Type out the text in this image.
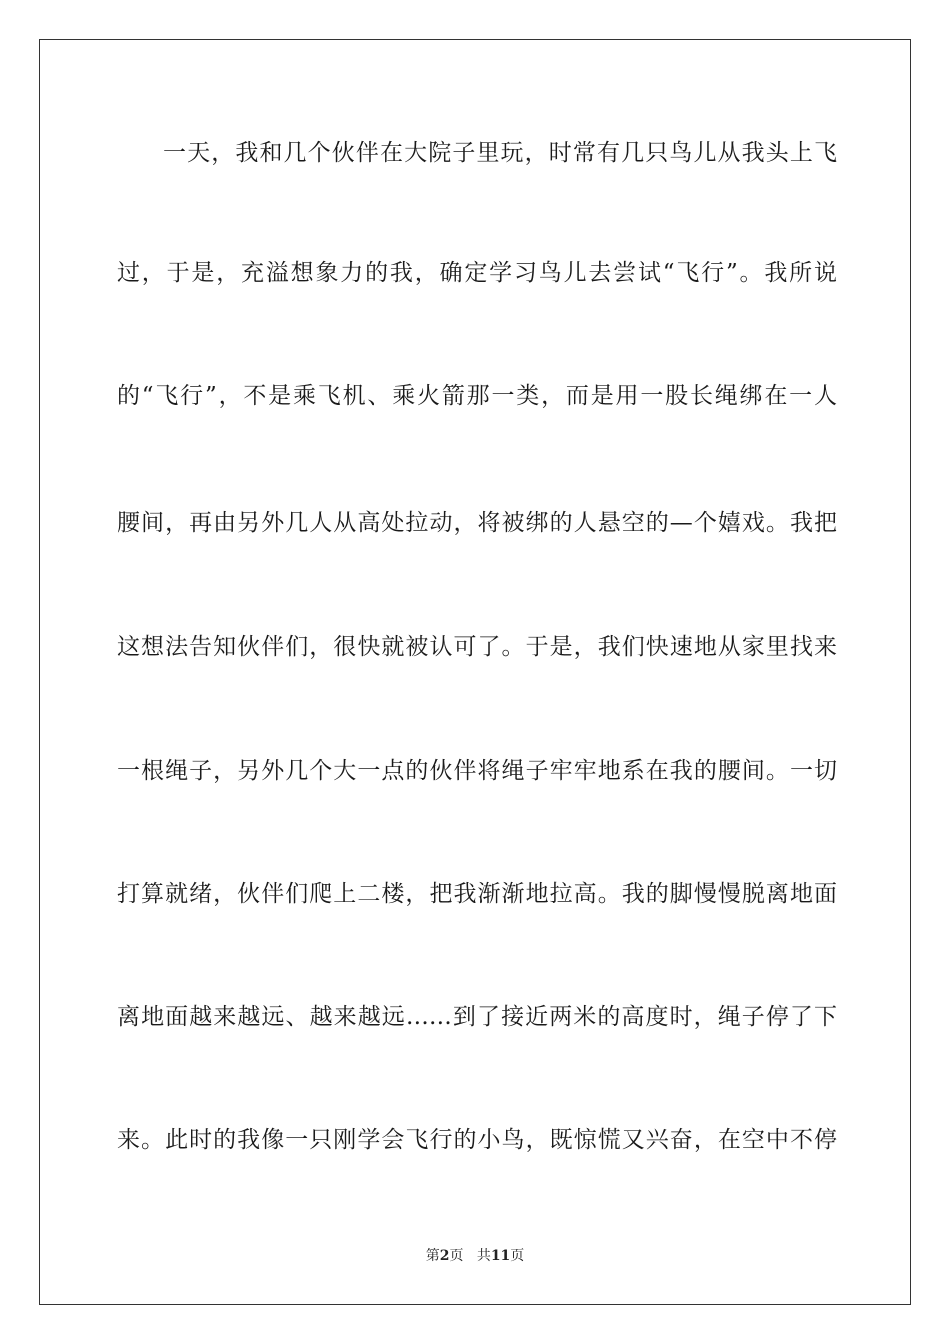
一天，我和几个伙伴在大院子里玩，时常有几只鸟儿从我头上飞
过，于是，充溢想象力的我，确定学习鸟儿去尝试“飞行”。我所说
的“飞行”，不是乘飞机、乘火箭那一类，而是用一股长绳绑在一人
腰间，再由另外几人从高处拉动，将被绑的人悬空的—个嬉戏。我把
这想法告知伙伴们，很快就被认可了。于是，我们快速地从家里找来
一根绳子，另外几个大一点的伙伴将绳子牢牢地系在我的腰间。一切
打算就绪，伙伴们爬上二楼，把我渐渐地拉高。我的脚慢慢脱离地面
离地面越来越远、越来越远……到了接近两米的高度时，绳子停了下
来。此时的我像一只刚学会飞行的小鸟，既惊慌又兴奋，在空中不停
第2页 共11页
